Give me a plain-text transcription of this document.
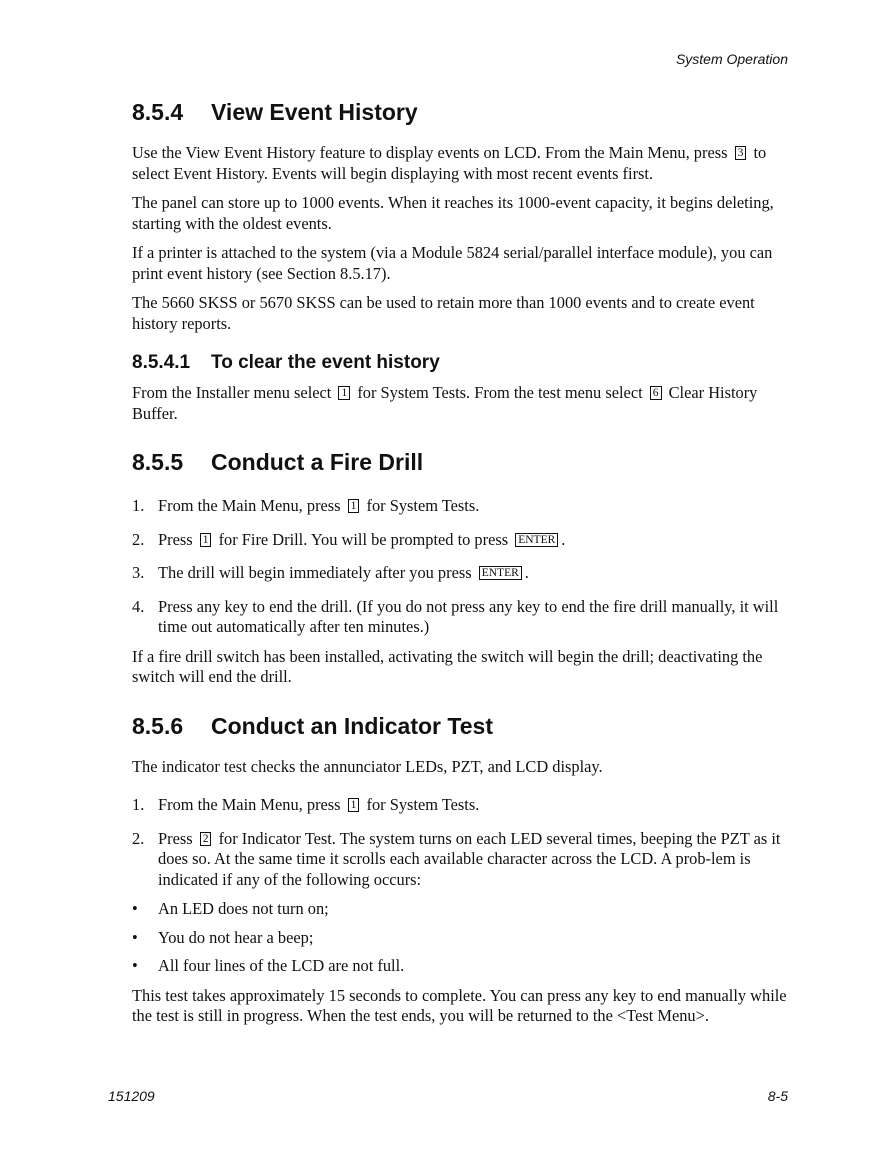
System Operation
8.5.4	View Event History

Use the View Event History feature to display events on LCD. From the Main Menu, press 3 to select Event History. Events will begin displaying with most recent events first.

The panel can store up to 1000 events. When it reaches its 1000-event capacity, it begins deleting, starting with the oldest events.

If a printer is attached to the system (via a Module 5824 serial/parallel interface module), you can print event history (see Section 8.5.17).

The 5660 SKSS or 5670 SKSS can be used to retain more than 1000 events and to create event history reports.

8.5.4.1	To clear the event history

From the Installer menu select 1 for System Tests. From the test menu select 6 Clear History Buffer.

8.5.5	Conduct a Fire Drill
1. From the Main Menu, press 1 for System Tests.
2. Press 1 for Fire Drill. You will be prompted to press ENTER .
3. The drill will begin immediately after you press ENTER .
4. Press any key to end the drill. (If you do not press any key to end the fire drill manually, it will time out automatically after ten minutes.)

If a fire drill switch has been installed, activating the switch will begin the drill; deactivating the switch will end the drill.

8.5.6	Conduct an Indicator Test

The indicator test checks the annunciator LEDs, PZT, and LCD display.

1. From the Main Menu, press 1 for System Tests.
2. Press 2 for Indicator Test. The system turns on each LED several times, beeping the PZT as it does so. At the same time it scrolls each available character across the LCD. A prob-lem is indicated if any of the following occurs:
• An LED does not turn on;
• You do not hear a beep;
• All four lines of the LCD are not full.

This test takes approximately 15 seconds to complete. You can press any key to end manually while the test is still in progress. When the test ends, you will be returned to the <Test Menu>.

151209	8-5
